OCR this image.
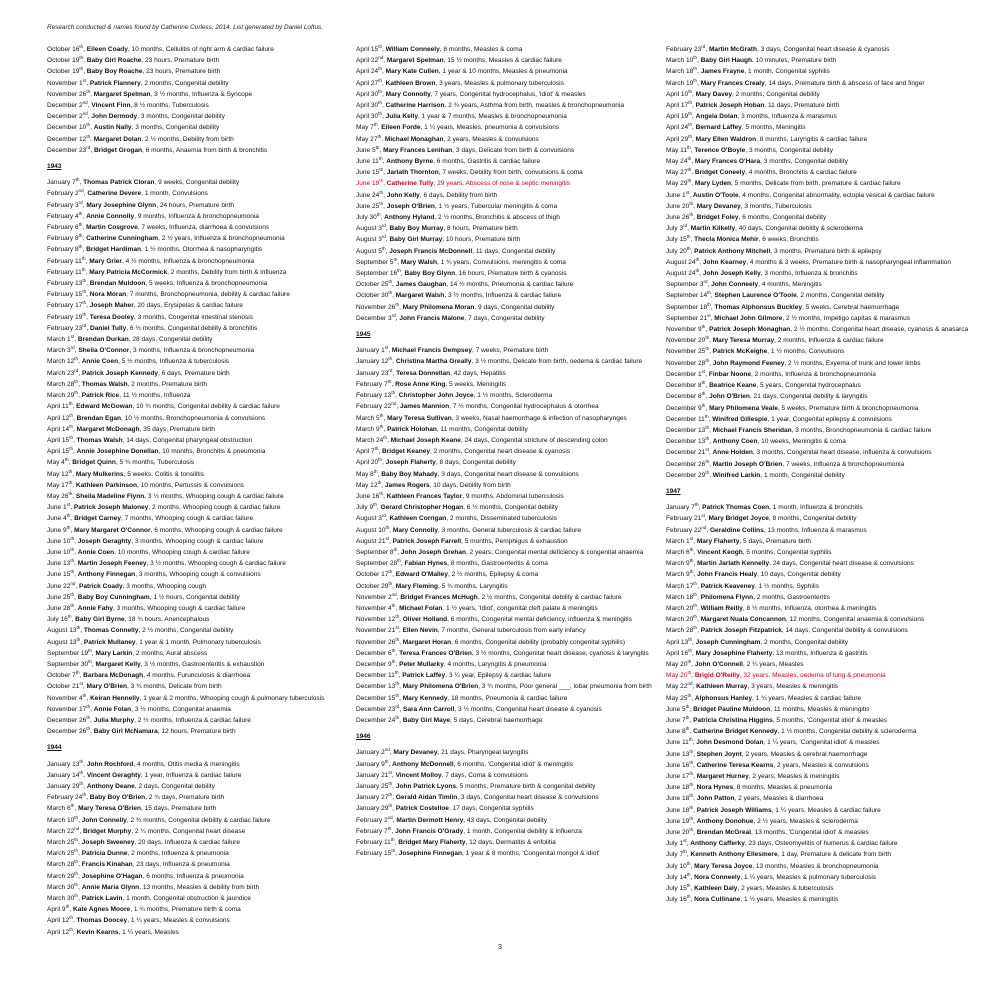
Research conducted & names found by Catherine Corless, 2014. List generated by Daniel Loftus.
October 16th, Eileen Coady, 10 months, Cellulitis of right arm & cardiac failure
October 19th, Baby Girl Roache, 23 hours, Premature birth
October 19th, Baby Boy Roache, 23 hours, Premature birth
November 1st, Patrick Flannery, 2 months, Congenital debility
November 26th, Margaret Spelman, 3 ½ months, Influenza & Syncope
December 2nd, Vincent Finn, 8 ½ months, Tuberculosis
December 2nd, John Dermody, 3 months, Congenital debility
December 10th, Austin Nally, 3 months, Congenital debility
December 12th, Margaret Dolan, 2 ½ months, Debility from birth
December 23rd, Bridget Grogan, 6 months, Anaemia from birth & bronchitis
1943
January 7th, Thomas Patrick Cloran, 9 weeks, Congenital debility
February 2nd, Catherine Devere, 1 month, Convulsions
February 3rd, Mary Josephine Glynn, 24 hours, Premature birth
February 4th, Annie Connolly, 9 months, Influenza & bronchopneumonia
February 6th, Martin Cosgrove, 7 weeks, Influenza, diarrhoea & convulsions
February 8th, Catherine Cunningham, 2 ½ years, Influenza & bronchopneumonia
February 8th, Bridget Hardiman, 1 ½ months, Otorrhea & nasopharyngitis
February 11th, Mary Grier, 4 ½ months, Influenza & bronchopneumonia
February 11th, Mary Patricia McCormick, 2 months, Debility from birth & influenza
February 13th, Brendan Muldoon, 5 weeks, Influenza & bronchopneumonia
February 15th, Nora Moran, 7 months, Bronchopneumonia, debility & cardiac failure
February 17th, Joseph Maher, 20 days, Erysipelas & cardiac failure
February 19th, Teresa Dooley, 3 months, Congenital intestinal stenosis
February 23rd, Daniel Tully, 6 ½ months, Congenital debility & bronchitis
March 1st, Brendan Durkan, 28 days, Congenital debility
March 3rd, Sheila O'Connor, 3 months, Influenza & bronchopneumonia
March 12th, Annie Coen, 5 ½ months, Influenza & tuberculosis
March 23rd, Patrick Joseph Kennedy, 6 days, Premature birth
March 28th, Thomas Walsh, 2 months, Premature birth
March 29th, Patrick Rice, 11 ½ months, Influenza
April 11th, Edward McGowan, 10 ¾ months, Congenital debility & cardiac failure
April 12th, Brendan Egan, 10 ½ months, Bronchopneumonia & convulsions
April 14th, Margaret McDonagh, 35 days, Premature birth
April 15th, Thomas Walsh, 14 days, Congenital pharyngeal obstruction
April 15th, Annie Josephine Donellan, 10 months, Bronchitis & pneumonia
May 4th, Bridget Quinn, 5 ¾ months, Tuberculosis
May 12th, Mary Mulkerins, 5 weeks, Colitis & tonsilitis
May 17th, Kathleen Parkinson, 10 months, Pertussis & convulsions
May 26th, Sheila Madeline Flynn, 3 ½ months, Whooping cough & cardiac failure
June 1st, Patrick Joseph Maloney, 2 months, Whooping cough & cardiac failure
June 4th, Bridget Carney, 7 months, Whooping cough & cardiac failure
June 9th, Mary Margaret O'Connor, 6 months, Whooping cough & cardiac failure
June 10th, Joseph Geraghty, 3 months, Whooping cough & cardiac failure
June 10th, Annie Coen, 10 months, Whooping cough & cardiac failure
June 13th, Martin Joseph Feeney, 3 ½ months, Whooping cough & cardiac failure
June 15th, Anthony Finnegan, 3 months, Whooping cough & convulsions
June 22nd, Patrick Coady, 3 months, Whooping cough
June 25th, Baby Boy Cunningham, 1 ½ hours, Congenital debility
June 28th, Annie Fahy, 3 months, Whooping cough & cardiac failure
July 16th, Baby Girl Byrne, 18 ¾ hours, Anencephalous
August 13th, Thomas Connelly, 2 ½ months, Congenital debility
August 13th, Patrick Mullaney, 1 year & 1 month, Pulmonary tuberculosis
September 19th, Mary Larkin, 2 months, Aural abscess
September 30th, Margaret Kelly, 3 ½ months, Gastroenteritis & exhaustion
October 7th, Barbara McDonagh, 4 months, Furunculosis & diarrhoea
October 21st, Mary O'Brien, 3 ¾ months, Delicate from birth
November 4th, Keiran Hennelly, 1 year & 2 months, Whooping cough & pulmonary tuberculosis
November 17th, Annie Folan, 3 ½ months, Congenital anaemia
December 26th, Julia Murphy, 2 ½ months, Influenza & cardiac failure
December 26th, Baby Girl McNamara, 12 hours, Premature birth
1944
January 13th, John Rochford, 4 months, Otitis media & meningitis
January 14th, Vincent Geraghty, 1 year, Influenza & cardiac failure
January 29th, Anthony Deane, 2 days, Congenital debility
February 24th, Baby Boy O'Brien, 2 ¾ days, Premature birth
March 6th, Mary Teresa O'Brien, 15 days, Premature birth
March 10th, John Connelly, 2 ¾ months, Congenital debility & cardiac failure
March 22nd, Bridget Murphy, 2 ¼ months, Congenital heart disease
March 25th, Joseph Sweeney, 20 days, Influenza & cardiac failure
March 25th, Patricia Dunne, 2 months, Influenza & pneumonia
March 28th, Francis Kinahan, 23 days, Influenza & pneumonia
March 29th, Josephine O'Hagan, 6 months, Influenza & pneumonia
March 30th, Annie Maria Glynn, 13 months, Measles & debility from birth
March 30th, Patrick Lavin, 1 month, Congenital obstruction & jaundice
April 9th, Kate Agnes Moore, 1 ¾ months, Premature birth & coma
April 12th, Thomas Doocey, 1 ¼ years, Measles & convulsions
April 12th, Kevin Kearns, 1 ¼ years, Measles
April 15th, William Conneely, 8 months, Measles & coma
April 22nd, Margaret Spelman, 15 ½ months, Measles & cardiac failure
April 24th, Mary Kate Cullen, 1 year & 10 months, Measles & pneumonia
April 27th, Kathleen Brown, 3 years, Measles & pulmonary tuberculosis
April 30th, Mary Connolly, 7 years, Congenital hydrocephalus, 'idiot' & measles
April 30th, Catherine Harrison, 2 ¾ years, Asthma from birth, measles & bronchopneumonia
April 30th, Julia Kelly, 1 year & 7 months, Measles & bronchopneumonia
May 7th, Eileen Forde, 1 ¼ years, Measles, pneumonia & convulsions
May 27th, Michael Monaghan, 2 years, Measles & convulsions
June 5th, Mary Frances Lenihan, 3 days, Delicate from birth & convulsions
June 11th, Anthony Byrne, 6 months, Gastritis & cardiac failure
June 15th, Jarlath Thornton, 7 weeks, Debility from birth, convulsions & coma
June 19th, Catherine Tully, 29 years, Abscess of nose & septic meningitis
June 24th, John Kelly, 6 days, Debility from birth
June 25th, Joseph O'Brien, 1 ½ years, Tubercular meningitis & coma
July 30th, Anthony Hyland, 2 ½ months, Bronchitis & abscess of thigh
August 3rd, Baby Boy Murray, 8 hours, Premature birth
August 3rd, Baby Girl Murray, 10 hours, Premature birth
August 5th, Joseph Francis McDonnell, 11 days, Congenital debility
September 5th, Mary Walsh, 1 ¾ years, Convulsions, meningitis & coma
September 16th, Baby Boy Glynn, 16 hours, Premature birth & cyanosis
October 25th, James Gaughan, 14 ½ months, Pneumonia & cardiac failure
October 30th, Margaret Walsh, 3 ½ months, Influenza & cardiac failure
November 26th, Mary Philomena Moran, 9 days, Congenital debility
December 3rd, John Francis Malone, 7 days, Congenital debility
1945
January 1st, Michael Francis Dempsey, 7 weeks, Premature birth
January 12th, Christina Martha Greally, 3 ½ months, Delicate from birth, oedema & cardiac failure
January 23rd, Teresa Donnellan, 42 days, Hepatitis
February 7th, Rose Anne King, 5 weeks, Meningitis
February 13th, Christopher John Joyce, 1 ½ months, Scleroderma
February 22nd, James Mannion, 7 ½ months, Congenital hydrocephalus & otorrhea
March 5th, Mary Teresa Sullivan, 3 weeks, Nasal haemorrhage & infection of nasopharynges
March 9th, Patrick Holohan, 11 months, Congenital debility
March 24th, Michael Joseph Keane, 24 days, Congenital stricture of descending colon
April 7th, Bridget Keaney, 2 months, Congenital heart disease & cyanosis
April 20th, Joseph Flaherty, 8 days, Congenital debility
May 8th, Baby Boy Mahady, 3 days, Congenital heart disease & convulsions
May 12th, James Rogers, 10 days, Debility from birth
June 16th, Kathleen Frances Taylor, 9 months, Abdominal tuberculosis
July 9th, Gerard Christopher Hogan, 6 ½ months, Congenital debility
August 3rd, Kathleen Corrigan, 2 months, Disseminated tuberculosis
August 10th, Mary Connolly, 3 months, General tuberculosis & cardiac failure
August 21st, Patrick Joseph Farrell, 5 months, Pemphigus & exhaustion
September 8th, John Joseph Grehan, 2 years, Congenital mental deficiency & congenital anaemia
September 28th, Fabian Hynes, 8 months, Gastroenteritis & coma
October 17th, Edward O'Malley, 2 ½ months, Epilepsy & coma
October 29th, Mary Fleming, 5 ¾ months, Laryngitis
November 2nd, Bridget Frances McHugh, 2 ½ months, Congenital debility & cardiac failure
November 4th, Michael Folan, 1 ½ years, 'Idiot', congenital cleft palate & meningitis
November 12th, Oliver Holland, 6 months, Congenital mental deficiency, influenza & meningitis
November 21st, Ellen Nevin, 7 months, General tuberculosis from early infancy
November 26th, Margaret Horan, 6 months, Congenital debility (probably congenital syphilis)
December 6th, Teresa Frances O'Brien, 3 ½ months, Congenital heart disease, cyanosis & laryngitis
December 9th, Peter Mullarky, 4 months, Laryngitis & pneumonia
December 11th, Patrick Laffey, 3 ¼ year, Epilepsy & cardiac failure
December 13th, Mary Philomena O'Brien, 3 ¾ months, Poor general ___, lobar pneumonia from birth
December 15th, Mary Kennedy, 18 months, Pneumonia & cardiac failure
December 23rd, Sara Ann Carroll, 3 ½ months, Congenital heart disease & cyanosis
December 24th, Baby Girl Maye, 5 days, Cerebral haemorrhage
1946
January 2nd, Mary Devaney, 21 days, Pharyngeal laryngitis
January 9th, Anthony McDonnell, 6 months, 'Congenital idiot' & meningitis
January 21st, Vincent Molloy, 7 days, Coma & convulsions
January 25th, John Patrick Lyons, 5 months, Premature birth & congenital debility
January 27th, Gerald Aidan Timlin, 3 days, Congenital heart disease & convulsions
January 29th, Patrick Costelloe, 17 days, Congenital syphilis
February 2nd, Martin Dermott Henry, 43 days, Congenital debility
February 7th, John Francis O'Grady, 1 month, Congenital debility & influenza
February 11th, Bridget Mary Flaherty, 12 days, Dermatitis & enfolitia
February 15th, Josephine Finnegan, 1 year & 8 months, 'Congenital mongol & idiot'
February 23rd, Martin McGrath, 3 days, Congenital heart disease & cyanosis
March 10th, Baby Girl Haugh, 10 minutes, Premature birth
March 18th, James Frayne, 1 month, Congenital syphilis
March 19th, Mary Frances Crealy, 14 days, Premature birth & abscess of face and finger
April 10th, Mary Davey, 2 months, Congenital debility
April 17th, Patrick Joseph Hoban, 11 days, Premature birth
April 19th, Angela Dolan, 3 months, Influenza & marasmus
April 24th, Bernard Laffey, 5 months, Meningitis
April 29th, Mary Ellen Waldron, 8 months, Laryngitis & cardiac failure
May 11th, Terence O'Boyle, 3 months, Congenital debility
May 24th, Mary Frances O'Hara, 3 months, Congenital debility
May 27th, Bridget Coneely, 4 months, Bronchitis & cardiac failure
May 29th, Mary Lyden, 5 months, Delicate from birth, premature & cardiac failure
June 1st, Austin O'Toole, 4 months, Congenital abnormality, ectopia vesical & cardiac failure
June 20th, Mary Devaney, 3 months, Tuberculosis
June 26th, Bridget Foley, 6 months, Congenital debility
July 3rd, Martin Kilkelly, 40 days, Congenital debility & scleroderma
July 15th, Thecla Monica Mehir, 6 weeks, Bronchitis
July 20th, Patrick Anthony Mitchell, 3 months, Premature birth & epilepsy
August 24th, John Kearney, 4 months & 3 weeks, Premature birth & nasopharyngeal inflammation
August 24th, John Joseph Kelly, 3 months, Influenza & bronchitis
September 3rd, John Conneely, 4 months, Meningitis
September 14th, Stephen Laurence O'Toole, 2 months, Congenital debility
September 18th, Thomas Alphonsus Buckley, 5 weeks, Cerebral haemorrhage
September 21st, Michael John Gilmore, 2 ½ months, Impetigo capitas & marasmus
November 9th, Patrick Joseph Monaghan, 2 ½ months, Congenital heart disease, cyanosis & anasarca
November 20th, Mary Teresa Murray, 2 months, Influenza & cardiac failure
November 25th, Patrick McKeighe, 1 ½ months, Convulsions
November 28th, John Raymond Feeney, 2 ½ months, Exyema of trunk and lower limbs
December 1st, Finbar Noone, 2 months, Influenza & bronchopneumonia
December 8th, Beatrice Keane, 5 years, Congenital hydrocephalus
December 8th, John O'Brien, 21 days, Congenital debility & laryngitis
December 9th, Mary Philomena Veale, 5 weeks, Premature birth & bronchopneumonia
December 11th, Winifred Gillespie, 1 year, Congenital epilepsy & convulsions
December 13th, Michael Francis Sheridan, 3 months, Bronchopneumonia & cardiac failure
December 13th, Anthony Coen, 10 weeks, Meningitis & coma
December 21st, Anne Holden, 3 months, Congenital heart disease, influenza & convulsions
December 26th, Martin Joseph O'Brien, 7 weeks, Influenza & bronchopneumonia
December 29th, Winifred Larkin, 1 month, Congenital debility
1947
January 7th, Patrick Thomas Coen, 1 month, Influenza & bronchitis
February 21st, Mary Bridget Joyce, 8 months, Congenital debility
February 22nd, Geraldine Collins, 13 months, Influenza & marasmus
March 1st, Mary Flaherty, 5 days, Premature birth
March 6th, Vincent Keogh, 5 months, Congenital syphilis
March 9th, Martin Jarlath Kennelly, 24 days, Congenital heart disease & convulsions
March 9th, John Francis Healy, 10 days, Congenital debility
March 17th, Patrick Keaveney, 1 ½ months, Syphilis
March 18th, Philomena Flynn, 2 months, Gastroenteritis
March 20th, William Reilly, 8 ½ months, Influenza, otorrhea & meningitis
March 20th, Margaret Nuala Concannon, 12 months, Congenital anaemia & convulsions
March 28th, Patrick Joseph Fitzpatrick, 14 days, Congenital debility & convulsions
April 13th, Joseph Cunningham, 2 months, Congenital debility
April 16th, Mary Josephine Flaherty, 13 months, Influenza & gastritis
May 20th, John O'Connell, 2 ¼ years, Measles
May 20th, Brigid O'Reilly, 32 years, Measles, oedema of lung & pneumonia
May 22nd, Kathleen Murray, 3 years, Measles & meningitis
May 25th, Alphonsus Hanley, 1 ¾ years, Measles & cardiac failure
June 5th, Bridget Pauline Muldoon, 11 months, Measles & meningitis
June 7th, Patricia Christina Higgins, 5 months, 'Congenital idiot' & measles
June 8th, Catherine Bridget Kennedy, 1 ½ months, Congenital debility & scleroderma
June 11th, John Desmond Dolan, 1 ¼ years, 'Congenital idiot' & measles
June 13th, Stephen Joynt, 2 years, Measles & cerebral haemorrhage
June 16th, Catherine Teresa Kearns, 2 years, Measles & convulsions
June 17th, Margaret Hurney, 2 years, Measles & meningitis
June 18th, Nora Hynes, 8 months, Measles & pneumonia
June 18th, John Patton, 2 years, Measles & diarrhoea
June 18th, Patrick Joseph Williams, 1 ¼ years, Measles & cardiac failure
June 19th, Anthony Donohue, 2 ½ years, Measles & scleroderma
June 20th, Brendan McGreal, 13 months, 'Congenital idiot' & measles
July 1st, Anthony Cafferky, 23 days, Osteomyelitis of humerus & cardiac failure
July 7th, Kenneth Anthony Ellesmere, 1 day, Premature & delicate from birth
July 10th, Mary Teresa Joyce, 13 months, Measles & bronchopneumonia
July 14th, Nora Conneely, 1 ¼ years, Measles & pulmonary tuberculosis
July 15th, Kathleen Daly, 2 years, Measles & tuberculosis
July 16th, Nora Cullinane, 1 ½ years, Measles & meningitis
3
